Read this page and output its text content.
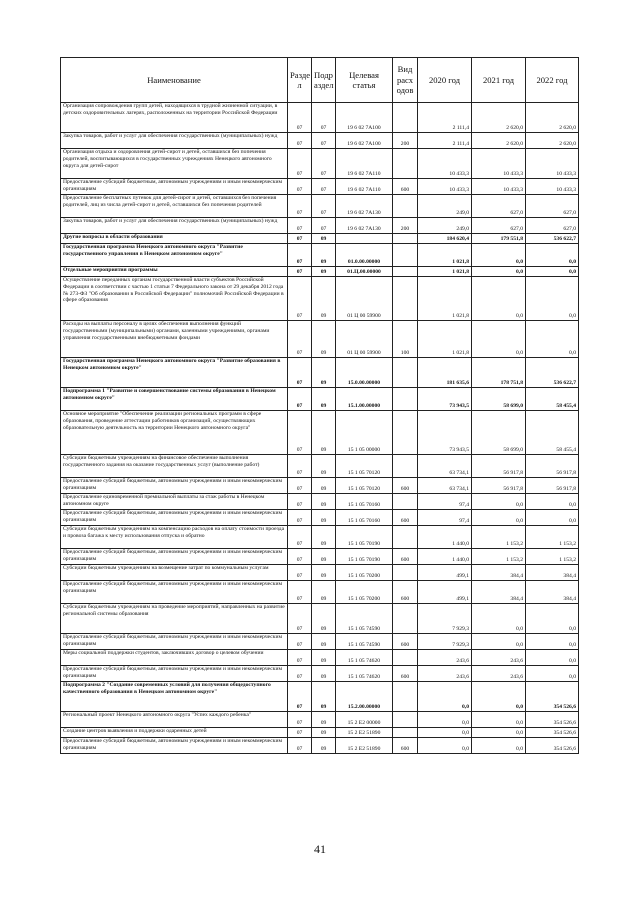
Наименование	Разде л	Подр аздел	Целевая статья	Вид расх одов	2020 год	2021 год	2022 год
Организация сопровождения групп детей, находящихся в трудной жизненной ситуации, в детских оздоровительных лагерях, расположенных на территории Российской Федерации	07	07	19 6 02 7А100		2 111,4	2 620,0	2 620,0
Закупка товаров, работ и услуг для обеспечения государственных (муниципальных) нужд	07	07	19 6 02 7А100	200	2 111,4	2 620,0	2 620,0
Организация отдыха и оздоровления детей-сирот и детей, оставшихся без попечения родителей, воспитывающихся в государственных учреждениях Ненецкого автономного округа для детей-сирот	07	07	19 6 02 7А110		10 433,3	10 433,3	10 433,3
Предоставление субсидий бюджетным, автономным учреждениям и иным некоммерческим организациям	07	07	19 6 02 7А110	600	10 433,3	10 433,3	10 433,3
Предоставление бесплатных путевок для детей-сирот и детей, оставшихся без попечения родителей, лиц из числа детей-сирот и детей, оставшихся без попечения родителей	07	07	19 6 02 7А130		249,0	627,0	627,0
Закупка товаров, работ и услуг для обеспечения государственных (муниципальных) нужд	07	07	19 6 02 7А130	200	249,0	627,0	627,0
Другие вопросы в области образования	07	09			184 620,4	179 551,8	536 622,7
Государственная программа Ненецкого автономного округа "Развитие государственного управления в Ненецком автономном округе"	07	09	01.0.00.00000		1 021,8	0,0	0,0
Отдельные мероприятия программы	07	09	01.Ц.00.00000		1 021,8	0,0	0,0
Осуществление переданных органам государственной власти субъектов Российской Федерации в соответствии с частью 1 статьи 7 Федерального закона от 29 декабря 2012 года № 273-ФЗ "Об образовании в Российской Федерации" полномочий Российской Федерации в сфере образования	07	09	01 Ц 00 59900		1 021,8	0,0	0,0
Расходы на выплаты персоналу в целях обеспечения выполнения функций государственными (муниципальными) органами, казенными учреждениями, органами управления государственными внебюджетными фондами	07	09	01 Ц 00 59900	100	1 021,8	0,0	0,0
Государственная программа Ненецкого автономного округа "Развитие образования в Ненецком автономном округе"	07	09	15.0.00.00000		181 635,6	178 751,8	536 622,7
Подпрограмма 1 "Развитие и совершенствование системы образования в Ненецком автономном округе"	07	09	15.1.00.00000		73 943,5	58 699,0	58 455,4
Основное мероприятие "Обеспечение реализации региональных программ в сфере образования, проведение аттестации работников организаций, осуществляющих образовательную деятельность на территории Ненецкого автономного округа"	07	09	15 1 05 00000		73 943,5	58 699,0	58 455,4
Субсидии бюджетным учреждениям на финансовое обеспечение выполнения государственного задания на оказание государственных услуг (выполнение работ)	07	09	15 1 05 70120		63 734,1	56 917,8	56 917,8
Предоставление субсидий бюджетным, автономным учреждениям и иным некоммерческим организациям	07	09	15 1 05 70120	600	63 734,1	56 917,8	56 917,8
Предоставление единовременной премиальной выплаты за стаж работы в Ненецком автономном округе	07	09	15 1 05 70160		97,4	0,0	0,0
Предоставление субсидий бюджетным, автономным учреждениям и иным некоммерческим организациям	07	09	15 1 05 70160	600	97,4	0,0	0,0
Субсидии бюджетным учреждениям на компенсацию расходов на оплату стоимости проезда и провоза багажа к месту использования отпуска и обратно	07	09	15 1 05 70190		1 440,0	1 153,2	1 153,2
Предоставление субсидий бюджетным, автономным учреждениям и иным некоммерческим организациям	07	09	15 1 05 70190	600	1 440,0	1 153,2	1 153,2
Субсидии бюджетным учреждениям на возмещение затрат по коммунальным услугам	07	09	15 1 05 70200		499,1	384,4	384,4
Предоставление субсидий бюджетным, автономным учреждениям и иным некоммерческим организациям	07	09	15 1 05 70200	600	499,1	384,4	384,4
Субсидии бюджетным учреждениям на проведение мероприятий, направленных на развитие региональной системы образования	07	09	15 1 05 74590		7 929,3	0,0	0,0
Предоставление субсидий бюджетным, автономным учреждениям и иным некоммерческим организациям	07	09	15 1 05 74590	600	7 929,3	0,0	0,0
Меры социальной поддержки студентов, заключивших договор о целевом обучении	07	09	15 1 05 74620		243,6	243,6	0,0
Предоставление субсидий бюджетным, автономным учреждениям и иным некоммерческим организациям	07	09	15 1 05 74620	600	243,6	243,6	0,0
Подпрограмма 2 "Создание современных условий для получения общедоступного качественного образования в Ненецком автономном округе"	07	09	15.2.00.00000		0,0	0,0	354 526,6
Региональный проект Ненецкого автономного округа "Успех каждого ребенка"	07	09	15 2 Е2 00000		0,0	0,0	354 526,6
Создание центров выявления и поддержки одаренных детей	07	09	15 2 Е2 51890		0,0	0,0	354 526,6
Предоставление субсидий бюджетным, автономным учреждениям и иным некоммерческим организациям	07	09	15 2 Е2 51890	600	0,0	0,0	354 526,6
41
